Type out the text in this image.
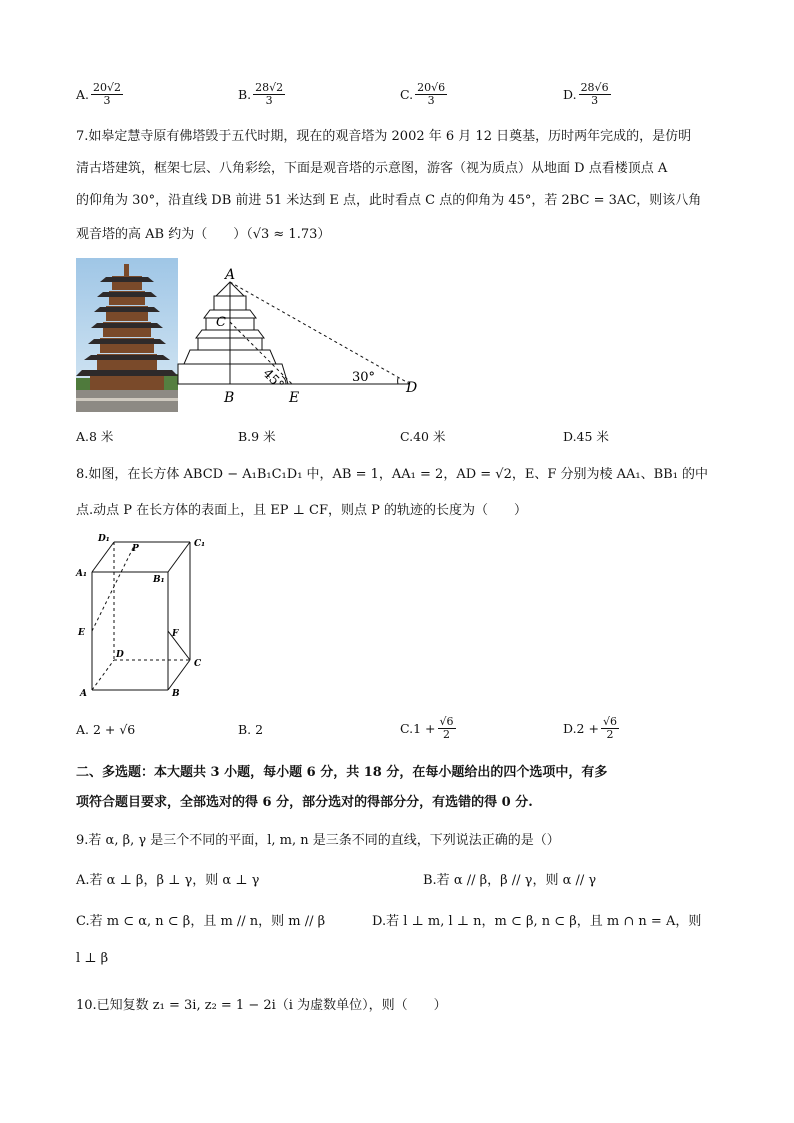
A. $\frac{20√2}{3}$	B. $\frac{28√2}{3}$	C. $\frac{20√6}{3}$	D. $\frac{28√6}{3}$
7.如皋定慧寺原有佛塔毁于五代时期，现在的观音塔为 2002 年 6 月 12 日奠基，历时两年完成的，是仿明
清古塔建筑，框架七层、八角彩绘，下面是观音塔的示意图，游客（视为质点）从地面 D 点看楼顶点 A
的仰角为 30°，沿直线 DB 前进 51 米达到 E 点，此时看点 C 点的仰角为 45°，若 2BC = 3AC，则该八角
观音塔的高 AB 约为（　　）（√3 ≈ 1.73）
A
C
B	E
D
45°	30°
A.8 米	B.9 米	C.40 米	D.45 米
8.如图，在长方体 ABCD − A₁B₁C₁D₁ 中，AB = 1，AA₁ = 2，AD = √2，E、F 分别为棱 AA₁、BB₁ 的中
点.动点 P 在长方体的表面上，且 EP ⊥ CF，则点 P 的轨迹的长度为（　　）
D₁
P	C₁
A₁
B₁
E	F
D
C
A	B
A. 2 + √6	B. 2	$C.1 + \frac{√6}{2}$	$D.2 + \frac{√6}{2}$
二、多选题：本大题共 3 小题，每小题 6 分，共 18 分，在每小题给出的四个选项中，有多
项符合题目要求，全部选对的得 6 分，部分选对的得部分分，有选错的得 0 分.
9.若 α, β, γ 是三个不同的平面，l, m, n 是三条不同的直线，下列说法正确的是（）
A.若 α ⊥ β，β ⊥ γ，则 α ⊥ γ	B.若 α // β，β // γ，则 α // γ
C.若 m ⊂ α, n ⊂ β，且 m // n，则 m // β	D.若 l ⊥ m, l ⊥ n，m ⊂ β, n ⊂ β，且 m ∩ n = A，则
l ⊥ β
10.已知复数 z₁ = 3i, z₂ = 1 − 2i（i 为虚数单位），则（　　）
